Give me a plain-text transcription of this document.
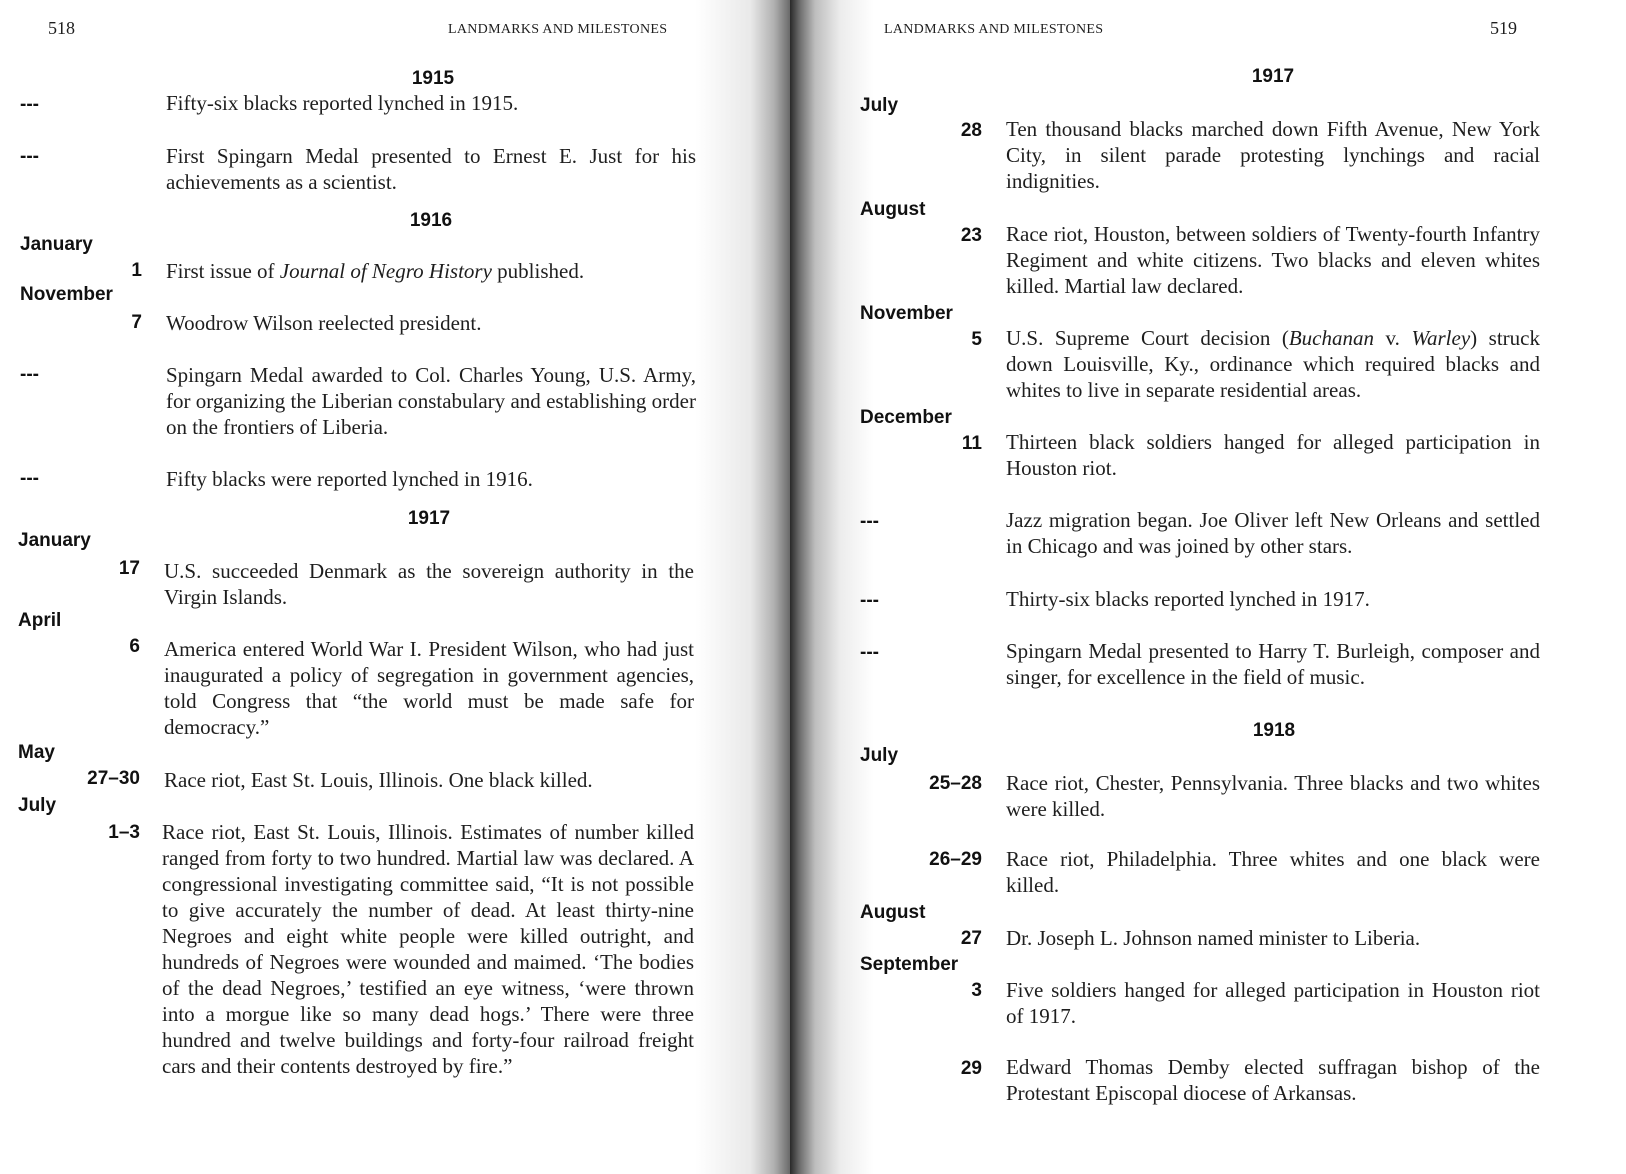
518	LANDMARKS AND MILESTONES
1915
---	Fifty-six blacks reported lynched in 1915.
---	First Spingarn Medal presented to Ernest E. Just for his achievements as a scientist.
1916
January
1 First issue of Journal of Negro History published.
November
7 Woodrow Wilson reelected president.
---	Spingarn Medal awarded to Col. Charles Young, U.S. Army, for organizing the Liberian constabulary and establishing order on the frontiers of Liberia.
---	Fifty blacks were reported lynched in 1916.
1917
January
17 U.S. succeeded Denmark as the sovereign authority in the Virgin Islands.
April
6 America entered World War I. President Wilson, who had just inaugurated a policy of segregation in government agencies, told Congress that “the world must be made safe for democracy.”
May
27–30 Race riot, East St. Louis, Illinois. One black killed.
July
1–3 Race riot, East St. Louis, Illinois. Estimates of number killed ranged from forty to two hundred. Martial law was declared. A congressional investigating committee said, “It is not possible to give accurately the number of dead. At least thirty-nine Negroes and eight white people were killed outright, and hundreds of Negroes were wounded and maimed. ‘The bodies of the dead Negroes,’ testified an eye witness, ‘were thrown into a morgue like so many dead hogs.’ There were three hundred and twelve buildings and forty-four railroad freight cars and their contents destroyed by fire.”
LANDMARKS AND MILESTONES	519
1917
July
28 Ten thousand blacks marched down Fifth Avenue, New York City, in silent parade protesting lynchings and racial indignities.
August
23 Race riot, Houston, between soldiers of Twenty-fourth Infantry Regiment and white citizens. Two blacks and eleven whites killed. Martial law declared.
November
5 U.S. Supreme Court decision (Buchanan v. Warley) struck down Louisville, Ky., ordinance which required blacks and whites to live in separate residential areas.
December
11 Thirteen black soldiers hanged for alleged participation in Houston riot.
---	Jazz migration began. Joe Oliver left New Orleans and settled in Chicago and was joined by other stars.
---	Thirty-six blacks reported lynched in 1917.
---	Spingarn Medal presented to Harry T. Burleigh, composer and singer, for excellence in the field of music.
1918
July
25–28 Race riot, Chester, Pennsylvania. Three blacks and two whites were killed.
26–29 Race riot, Philadelphia. Three whites and one black were killed.
August
27 Dr. Joseph L. Johnson named minister to Liberia.
September
3 Five soldiers hanged for alleged participation in Houston riot of 1917.
29 Edward Thomas Demby elected suffragan bishop of the Protestant Episcopal diocese of Arkansas.
